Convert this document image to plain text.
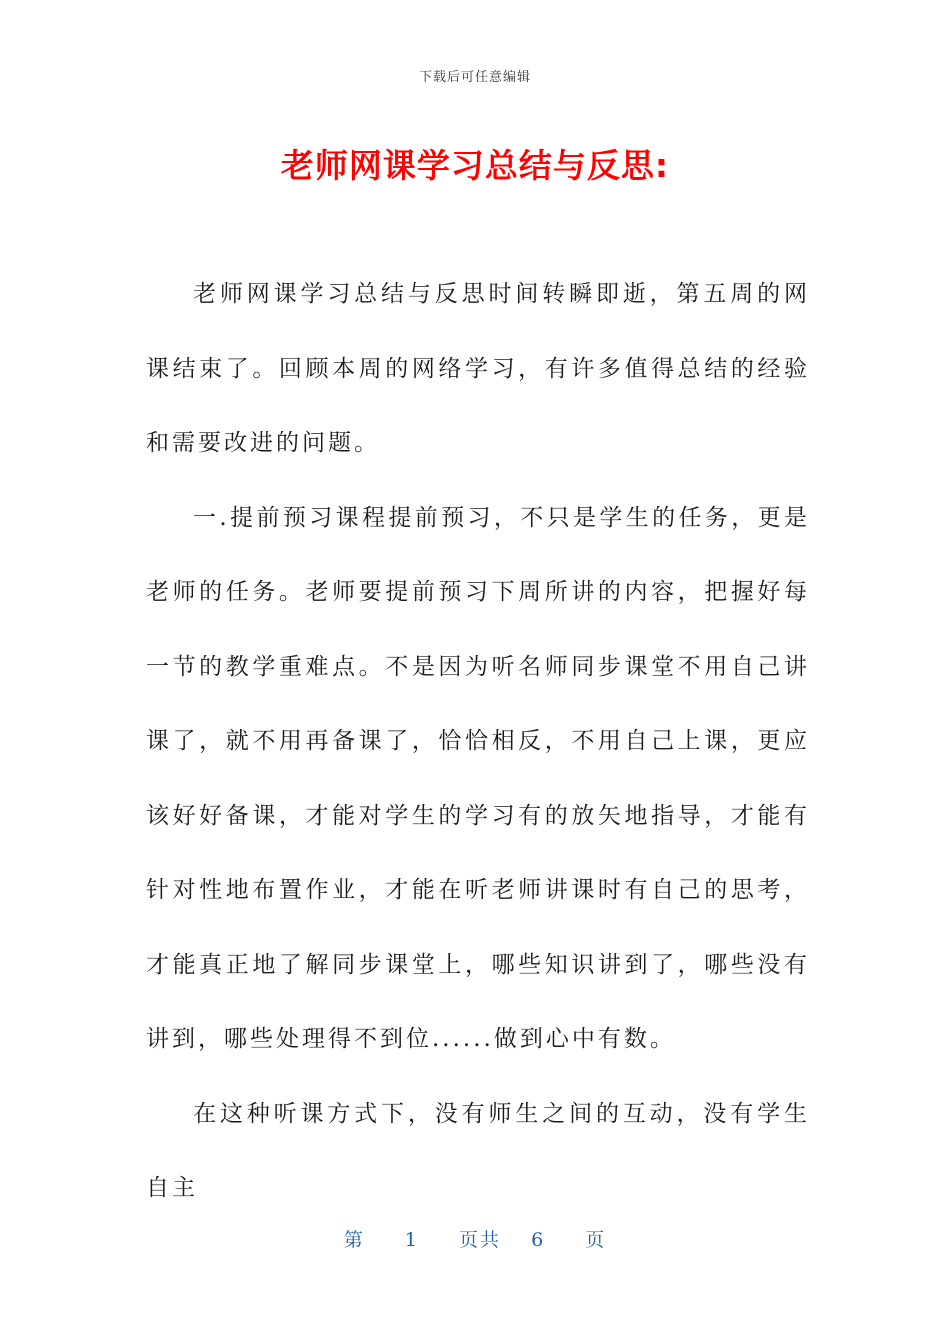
下载后可任意编辑
老师网课学习总结与反思:

老师网课学习总结与反思时间转瞬即逝，第五周的网课结束了。回顾本周的网络学习，有许多值得总结的经验和需要改进的问题。

一.提前预习课程提前预习，不只是学生的任务，更是老师的任务。老师要提前预习下周所讲的内容，把握好每一节的教学重难点。不是因为听名师同步课堂不用自己讲课了，就不用再备课了，恰恰相反，不用自己上课，更应该好好备课，才能对学生的学习有的放矢地指导，才能有针对性地布置作业，才能在听老师讲课时有自己的思考，才能真正地了解同步课堂上，哪些知识讲到了，哪些没有讲到，哪些处理得不到位......做到心中有数。

在这种听课方式下，没有师生之间的互动，没有学生自主

第 1 页共 6 页
